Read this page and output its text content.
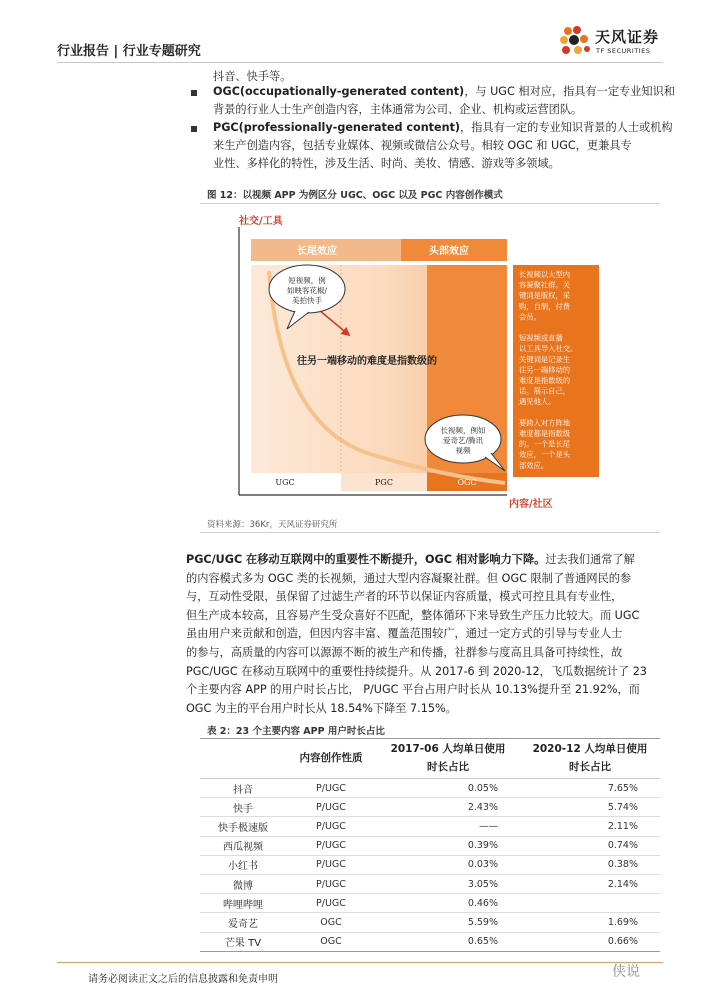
行业报告 | 行业专题研究
天风证券
TF SECURITIES
抖音、快手等。
OGC(occupationally-generated content)，与 UGC 相对应，指具有一定专业知识和
背景的行业人士生产创造内容，主体通常为公司、企业、机构或运营团队。
PGC(professionally-generated content)，指具有一定的专业知识背景的人士或机构
来生产创造内容，包括专业媒体、视频或微信公众号。相较 OGC 和 UGC，更兼具专
业性、多样化的特性，涉及生活、时尚、美妆、情感、游戏等多领域。
图 12：以视频 APP 为例区分 UGC、OGC 以及 PGC 内容创作模式
社交/工具
内容/社区
长尾效应	头部效应
UGC	PGC	OGC
往另一端移动的难度是指数级的
短视频，例
如映客花椒/
美拍快手
长视频，例如
爱奇艺/腾讯
视频
长视频以大型内
容凝聚社群。关
键词是版权，采
购，自制，付费
会员。
短视频或直播
以工具导入社交。
关键词是记录生
往另一端移动的
难度是指数级的
话。展示自己，
遇见他人。
要跨入对方阵地
难度都是指数级
的。一个是长尾
效应，一个是头
部效应。
资料来源：36Kr，天风证券研究所
PGC/UGC 在移动互联网中的重要性不断提升，OGC 相对影响力下降。过去我们通常了解
的内容模式多为 OGC 类的长视频，通过大型内容凝聚社群。但 OGC 限制了普通网民的参
与，互动性受限，虽保留了过滤生产者的环节以保证内容质量，模式可控且具有专业性，
但生产成本较高，且容易产生受众喜好不匹配，整体循环下来导致生产压力比较大。而 UGC
虽由用户来贡献和创造，但因内容丰富、覆盖范围较广，通过一定方式的引导与专业人士
的参与，高质量的内容可以源源不断的被生产和传播，社群参与度高且具备可持续性，故
PGC/UGC 在移动互联网中的重要性持续提升。从 2017-6 到 2020-12，飞瓜数据统计了 23
个主要内容 APP 的用户时长占比， P/UGC 平台占用户时长从 10.13%提升至 21.92%，而
OGC 为主的平台用户时长从 18.54%下降至 7.15%。
表 2：23 个主要内容 APP 用户时长占比
	内容创作性质	2017-06 人均单日使用时长占比	2020-12 人均单日使用时长占比
抖音	P/UGC	0.05%	7.65%
快手	P/UGC	2.43%	5.74%
快手极速版	P/UGC	——	2.11%
西瓜视频	P/UGC	0.39%	0.74%
小红书	P/UGC	0.03%	0.38%
微博	P/UGC	3.05%	2.14%
哔哩哔哩	P/UGC	0.46%	
爱奇艺	OGC	5.59%	1.69%
芒果 TV	OGC	0.65%	0.66%
请务必阅读正文之后的信息披露和免责申明	侠说
